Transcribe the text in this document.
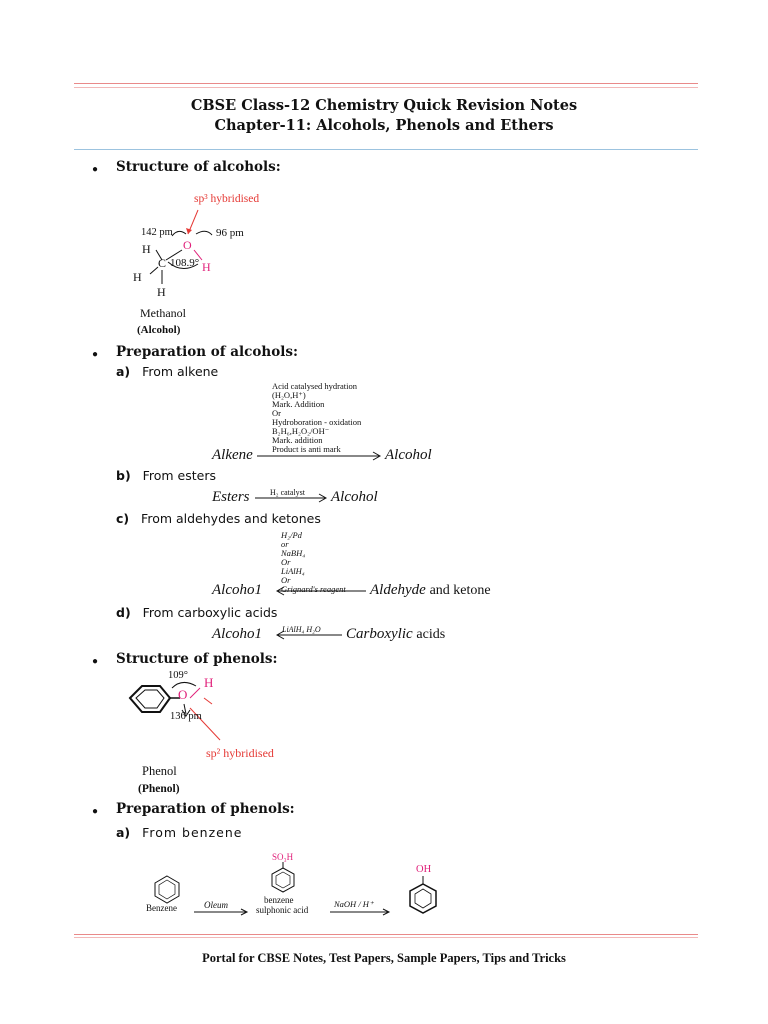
CBSE Class-12 Chemistry Quick Revision Notes
Chapter-11: Alcohols, Phenols and Ethers
● Structure of alcohols:
sp³ hybridised
142 pm	96 pm
O
H
C 108.9° H
H
H
Methanol
(Alcohol)
● Preparation of alcohols:
a) From alkene
Acid catalysed hydration
(H₂O,H⁺)
Mark. Addition
Or
Hydroboration - oxidation
B₂H₆,H₂O₂/OH⁻
Mark. addition
Product is anti mark
Alkene	Alcohol
b) From esters
Esters	H₂ catalyst Alcohol
c) From aldehydes and ketones
H₂/Pd
or
NaBH₄
Or
LiAlH₄
Or
Grignard's reagent
Alcoho1	Aldehyde and ketone
d) From carboxylic acids
Alcoho1	LiAlH₄ H₂O Carboxylic acids
● Structure of phenols:
109° H
O
136 pm
sp² hybridised
Phenol
(Phenol)
● Preparation of phenols:
a) From benzene
Benzene	Oleum
SO₃H
benzene
sulphonic acid
NaOH / H⁺
OH
Portal for CBSE Notes, Test Papers, Sample Papers, Tips and Tricks
